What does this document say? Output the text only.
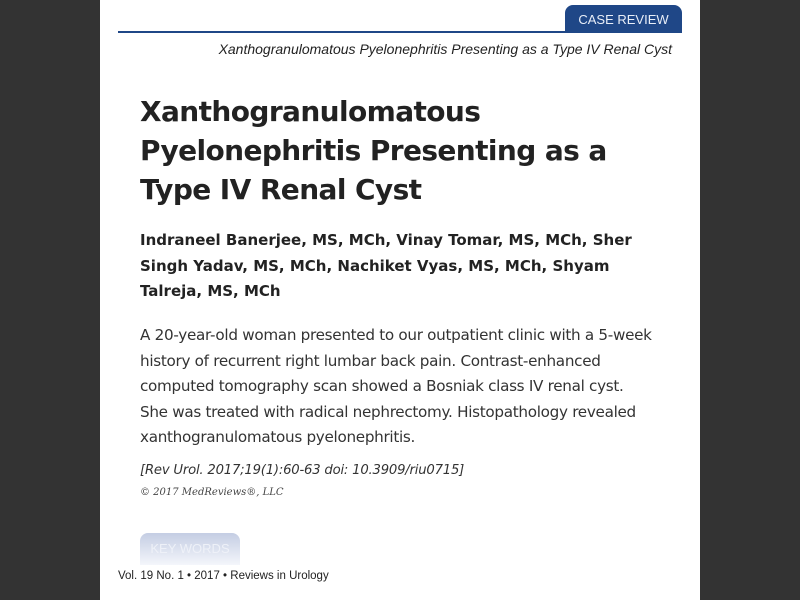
CASE REVIEW
Xanthogranulomatous Pyelonephritis Presenting as a Type IV Renal Cyst
Xanthogranulomatous Pyelonephritis Presenting as a Type IV Renal Cyst

Indraneel Banerjee, MS, MCh, Vinay Tomar, MS, MCh, Sher Singh Yadav, MS, MCh, Nachiket Vyas, MS, MCh, Shyam Talreja, MS, MCh

A 20-year-old woman presented to our outpatient clinic with a 5-week history of recurrent right lumbar back pain. Contrast-enhanced computed tomography scan showed a Bosniak class IV renal cyst. She was treated with radical nephrectomy. Histopathology revealed xanthogranulomatous pyelonephritis.

[Rev Urol. 2017;19(1):60-63 doi: 10.3909/riu0715]
© 2017 MedReviews®, LLC
KEY WORDS
Vol. 19 No. 1 • 2017 • Reviews in Urology
